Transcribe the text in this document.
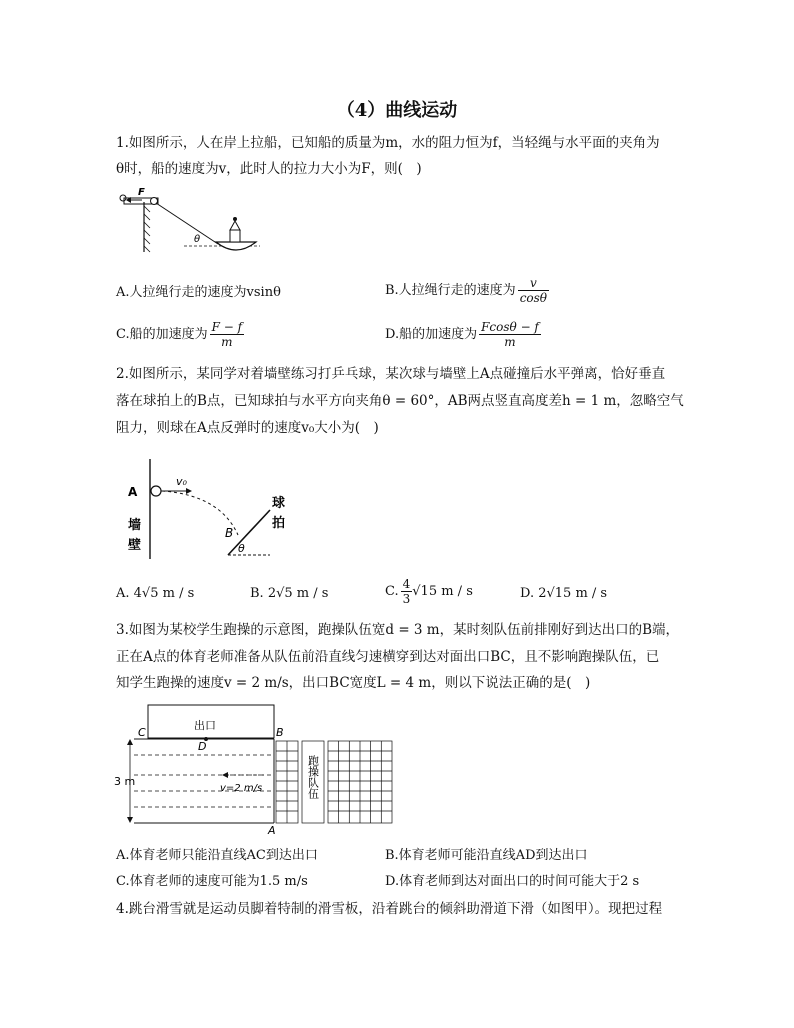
（4）曲线运动
1.如图所示，人在岸上拉船，已知船的质量为m，水的阻力恒为f，当轻绳与水平面的夹角为
θ时，船的速度为v，此时人的拉力大小为F，则(　)
F
θ
A.人拉绳行走的速度为vsinθ	B.人拉绳行走的速度为 $\frac{v}{\cos\theta}$
C.船的加速度为 $\frac{F - f}{m}$	D.船的加速度为 $\frac{Fcos\theta - f}{m}$
2.如图所示，某同学对着墙壁练习打乒乓球，某次球与墙壁上A点碰撞后水平弹离，恰好垂直
落在球拍上的B点，已知球拍与水平方向夹角θ = 60°，AB两点竖直高度差h = 1 m，忽略空气
阻力，则球在A点反弹时的速度v₀大小为(　)
A
v₀
B
θ
墙
壁
球
拍
A. 4√5 m / s	B. 2√5 m / s	C. $\frac{4}{3} √15$ m / s	D. 2√15 m / s
3.如图为某校学生跑操的示意图，跑操队伍宽d = 3 m，某时刻队伍前排刚好到达出口的B端，
正在A点的体育老师准备从队伍前沿直线匀速横穿到达对面出口BC，且不影响跑操队伍，已
知学生跑操的速度v = 2 m/s，出口BC宽度L = 4 m，则以下说法正确的是(　)
C	B
出口
D
3 m
v=2 m/s
A
跑操队伍
A.体育老师只能沿直线AC到达出口	B.体育老师可能沿直线AD到达出口
C.体育老师的速度可能为1.5 m/s	D.体育老师到达对面出口的时间可能大于2 s
4.跳台滑雪就是运动员脚着特制的滑雪板，沿着跳台的倾斜助滑道下滑（如图甲）。现把过程
